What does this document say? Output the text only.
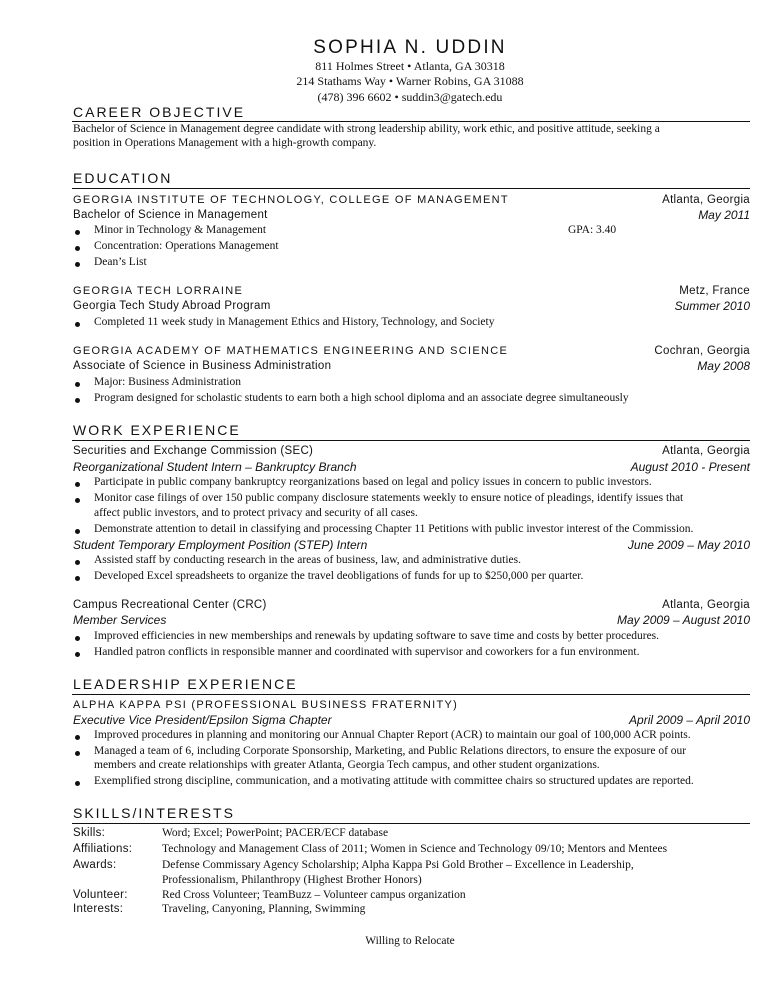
SOPHIA N. UDDIN
811 Holmes Street • Atlanta, GA 30318
214 Stathams Way • Warner Robins, GA 31088
(478) 396 6602 • suddin3@gatech.edu
CAREER OBJECTIVE
Bachelor of Science in Management degree candidate with strong leadership ability, work ethic, and positive attitude, seeking a
position in Operations Management with a high-growth company.
EDUCATION
GEORGIA INSTITUTE OF TECHNOLOGY, COLLEGE OF MANAGEMENT	Atlanta, Georgia
Bachelor of Science in Management	May 2011
Minor in Technology & Management	GPA: 3.40
Concentration: Operations Management
Dean’s List
GEORGIA TECH LORRAINE	Metz, France
Georgia Tech Study Abroad Program	Summer 2010
Completed 11 week study in Management Ethics and History, Technology, and Society
GEORGIA ACADEMY OF MATHEMATICS ENGINEERING AND SCIENCE	Cochran, Georgia
Associate of Science in Business Administration	May 2008
Major: Business Administration
Program designed for scholastic students to earn both a high school diploma and an associate degree simultaneously
WORK EXPERIENCE
Securities and Exchange Commission (SEC)	Atlanta, Georgia
Reorganizational Student Intern – Bankruptcy Branch	August 2010 - Present
Participate in public company bankruptcy reorganizations based on legal and policy issues in concern to public investors.
Monitor case filings of over 150 public company disclosure statements weekly to ensure notice of pleadings, identify issues that
affect public investors, and to protect privacy and security of all cases.
Demonstrate attention to detail in classifying and processing Chapter 11 Petitions with public investor interest of the Commission.
Student Temporary Employment Position (STEP) Intern	June 2009 – May 2010
Assisted staff by conducting research in the areas of business, law, and administrative duties.
Developed Excel spreadsheets to organize the travel deobligations of funds for up to $250,000 per quarter.
Campus Recreational Center (CRC)	Atlanta, Georgia
Member Services	May 2009 – August 2010
Improved efficiencies in new memberships and renewals by updating software to save time and costs by better procedures.
Handled patron conflicts in responsible manner and coordinated with supervisor and coworkers for a fun environment.
LEADERSHIP EXPERIENCE
ALPHA KAPPA PSI (PROFESSIONAL BUSINESS FRATERNITY)
Executive Vice President/Epsilon Sigma Chapter	April 2009 – April 2010
Improved procedures in planning and monitoring our Annual Chapter Report (ACR) to maintain our goal of 100,000 ACR points.
Managed a team of 6, including Corporate Sponsorship, Marketing, and Public Relations directors, to ensure the exposure of our
members and create relationships with greater Atlanta, Georgia Tech campus, and other student organizations.
Exemplified strong discipline, communication, and a motivating attitude with committee chairs so structured updates are reported.
SKILLS/INTERESTS
Skills:	Word; Excel; PowerPoint; PACER/ECF database
Affiliations:	Technology and Management Class of 2011; Women in Science and Technology 09/10; Mentors and Mentees
Awards:	Defense Commissary Agency Scholarship; Alpha Kappa Psi Gold Brother – Excellence in Leadership,
Professionalism, Philanthropy (Highest Brother Honors)
Volunteer:	Red Cross Volunteer; TeamBuzz – Volunteer campus organization
Interests:	Traveling, Canyoning, Planning, Swimming
Willing to Relocate
